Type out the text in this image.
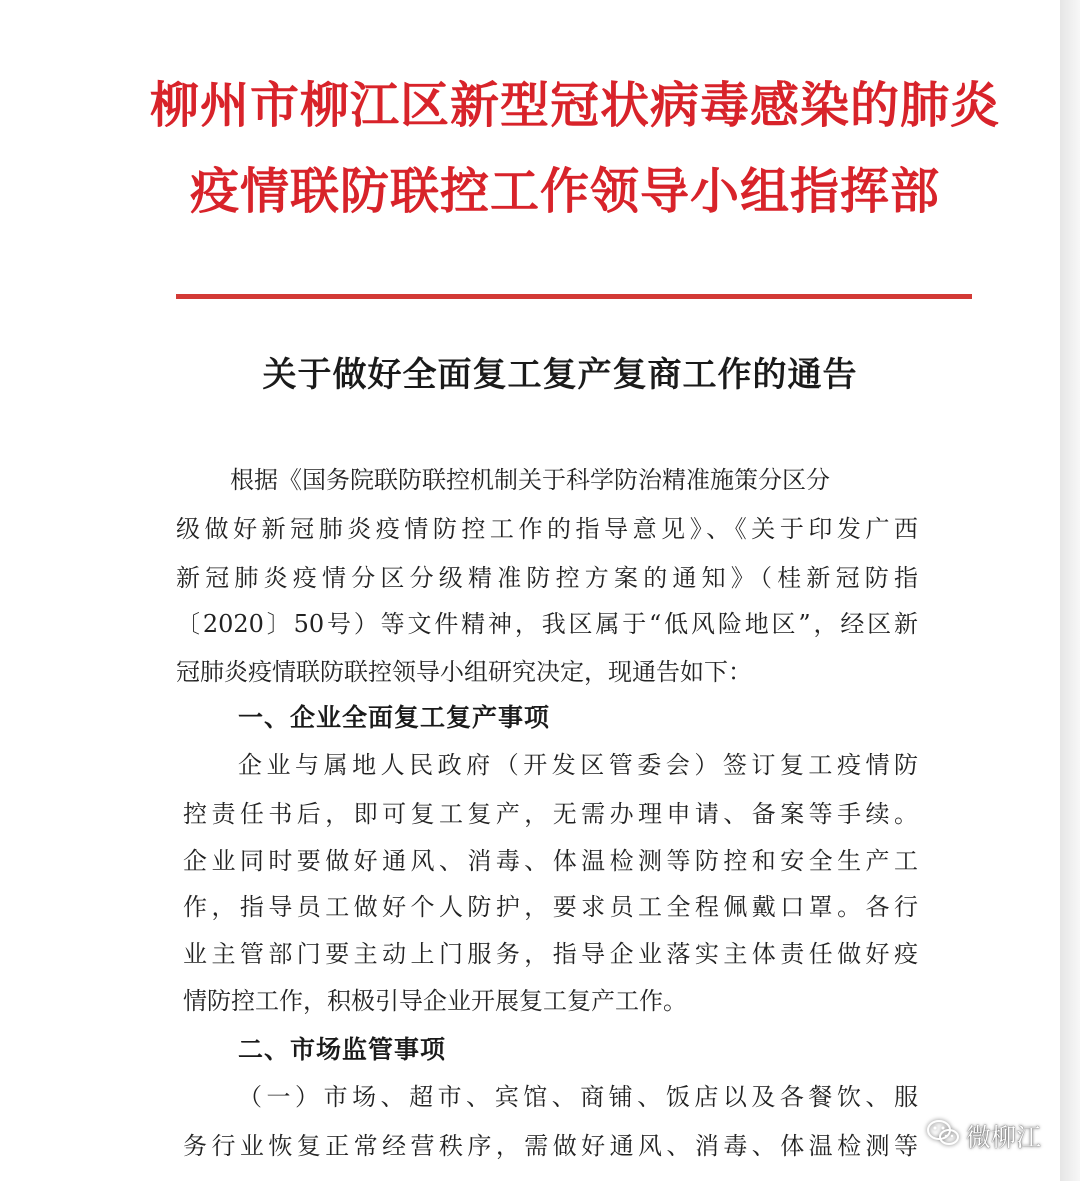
柳州市柳江区新型冠状病毒感染的肺炎
疫情联防联控工作领导小组指挥部
关于做好全面复工复产复商工作的通告
根据《国务院联防联控机制关于科学防治精准施策分区分
级做好新冠肺炎疫情防控工作的指导意见》、《关于印发广西
新冠肺炎疫情分区分级精准防控方案的通知》（桂新冠防指
〔2020〕50号）等文件精神，我区属于“低风险地区”，经区新
冠肺炎疫情联防联控领导小组研究决定，现通告如下：
一、企业全面复工复产事项
企业与属地人民政府（开发区管委会）签订复工疫情防
控责任书后，即可复工复产，无需办理申请、备案等手续。
企业同时要做好通风、消毒、体温检测等防控和安全生产工
作，指导员工做好个人防护，要求员工全程佩戴口罩。各行
业主管部门要主动上门服务，指导企业落实主体责任做好疫
情防控工作，积极引导企业开展复工复产工作。
二、市场监管事项
（一）市场、超市、宾馆、商铺、饭店以及各餐饮、服
务行业恢复正常经营秩序，需做好通风、消毒、体温检测等 微柳江
